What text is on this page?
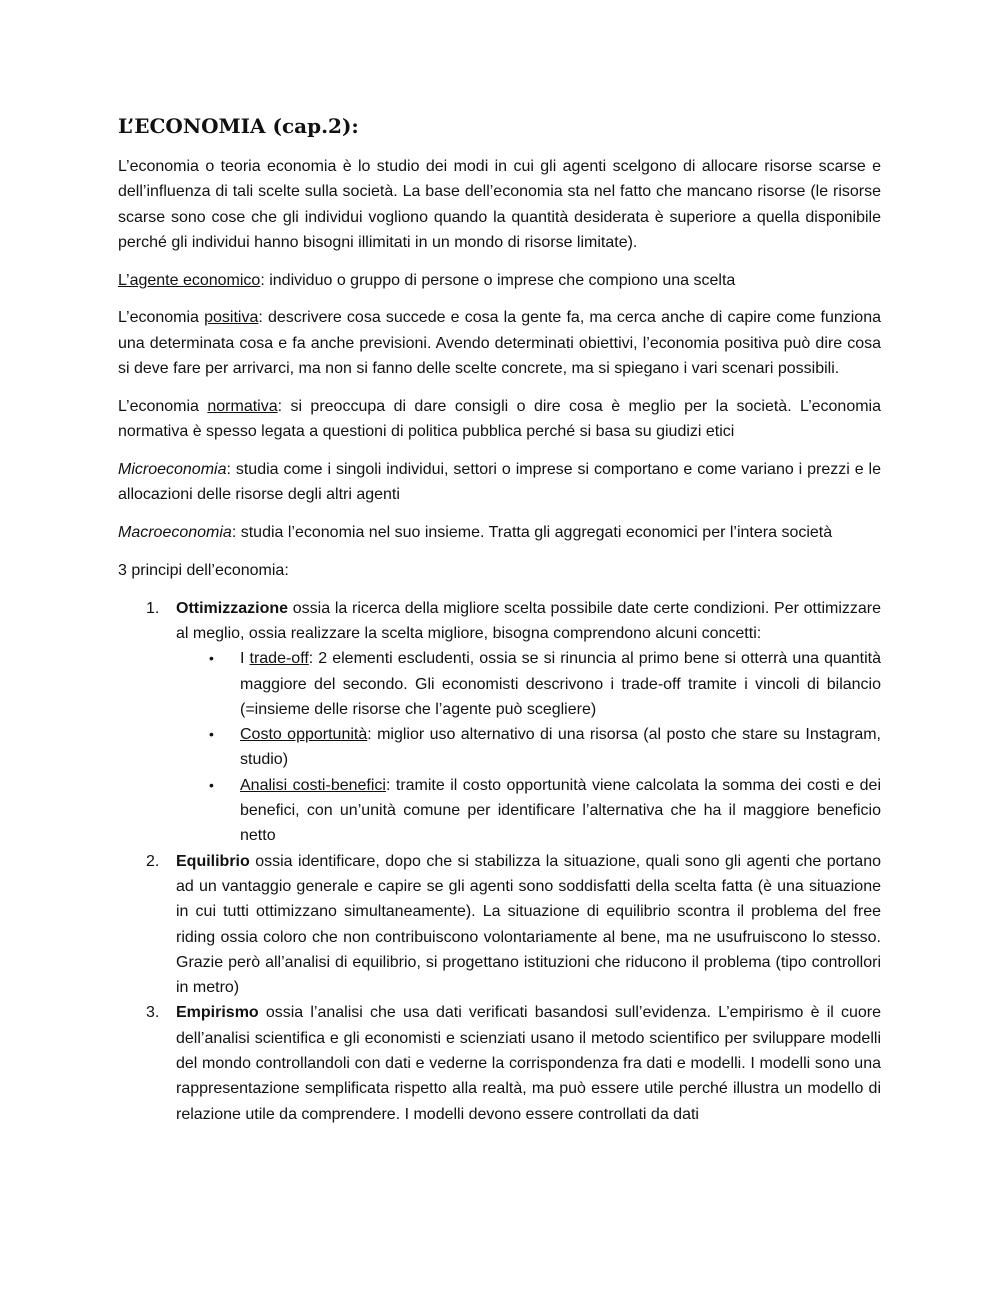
L’ECONOMIA (cap.2):

L’economia o teoria economia è lo studio dei modi in cui gli agenti scelgono di allocare risorse scarse e dell’influenza di tali scelte sulla società. La base dell’economia sta nel fatto che mancano risorse (le risorse scarse sono cose che gli individui vogliono quando la quantità desiderata è superiore a quella disponibile perché gli individui hanno bisogni illimitati in un mondo di risorse limitate).

L’agente economico: individuo o gruppo di persone o imprese che compiono una scelta

L’economia positiva: descrivere cosa succede e cosa la gente fa, ma cerca anche di capire come funziona una determinata cosa e fa anche previsioni. Avendo determinati obiettivi, l’economia positiva può dire cosa si deve fare per arrivarci, ma non si fanno delle scelte concrete, ma si spiegano i vari scenari possibili.

L’economia normativa: si preoccupa di dare consigli o dire cosa è meglio per la società. L’economia normativa è spesso legata a questioni di politica pubblica perché si basa su giudizi etici

Microeconomia: studia come i singoli individui, settori o imprese si comportano e come variano i prezzi e le allocazioni delle risorse degli altri agenti

Macroeconomia: studia l’economia nel suo insieme. Tratta gli aggregati economici per l’intera società

3 principi dell’economia:

1. Ottimizzazione ossia la ricerca della migliore scelta possibile date certe condizioni. Per ottimizzare al meglio, ossia realizzare la scelta migliore, bisogna comprendono alcuni concetti:
• I trade-off: 2 elementi escludenti, ossia se si rinuncia al primo bene si otterrà una quantità maggiore del secondo. Gli economisti descrivono i trade-off tramite i vincoli di bilancio (=insieme delle risorse che l’agente può scegliere)
• Costo opportunità: miglior uso alternativo di una risorsa (al posto che stare su Instagram, studio)
• Analisi costi-benefici: tramite il costo opportunità viene calcolata la somma dei costi e dei benefici, con un’unità comune per identificare l’alternativa che ha il maggiore beneficio netto
2. Equilibrio ossia identificare, dopo che si stabilizza la situazione, quali sono gli agenti che portano ad un vantaggio generale e capire se gli agenti sono soddisfatti della scelta fatta (è una situazione in cui tutti ottimizzano simultaneamente). La situazione di equilibrio scontra il problema del free riding ossia coloro che non contribuiscono volontariamente al bene, ma ne usufruiscono lo stesso. Grazie però all’analisi di equilibrio, si progettano istituzioni che riducono il problema (tipo controllori in metro)
3. Empirismo ossia l’analisi che usa dati verificati basandosi sull’evidenza. L’empirismo è il cuore dell’analisi scientifica e gli economisti e scienziati usano il metodo scientifico per sviluppare modelli del mondo controllandoli con dati e vederne la corrispondenza fra dati e modelli. I modelli sono una rappresentazione semplificata rispetto alla realtà, ma può essere utile perché illustra un modello di relazione utile da comprendere. I modelli devono essere controllati da dati
